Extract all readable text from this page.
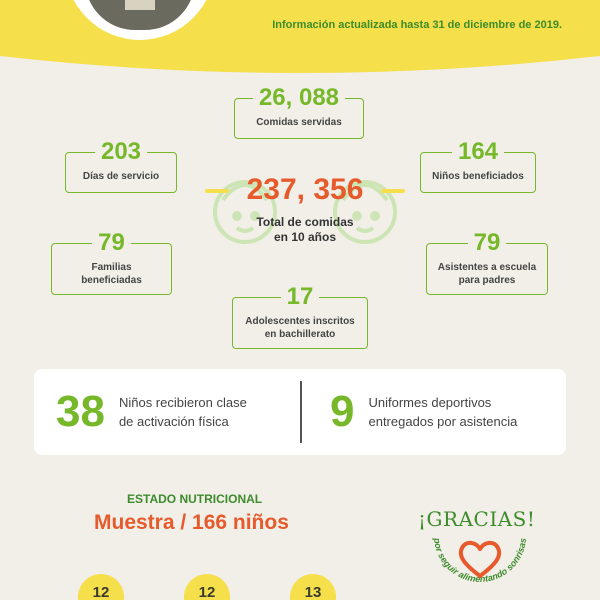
Información actualizada hasta 31 de diciembre de 2019.
26, 088
Comidas servidas
203
Días de servicio
164
Niños beneficiados
237, 356
Total de comidas
en 10 años
79
Familias
beneficiadas
79
Asistentes a escuela
para padres
17
Adolescentes inscritos
en bachillerato
38 Niños recibieron clase
de activación física	9 Uniformes deportivos
entregados por asistencia
ESTADO NUTRICIONAL
Muestra / 166 niños
12	12	13
¡GRACIAS!
por seguir alimentando sonrisas
